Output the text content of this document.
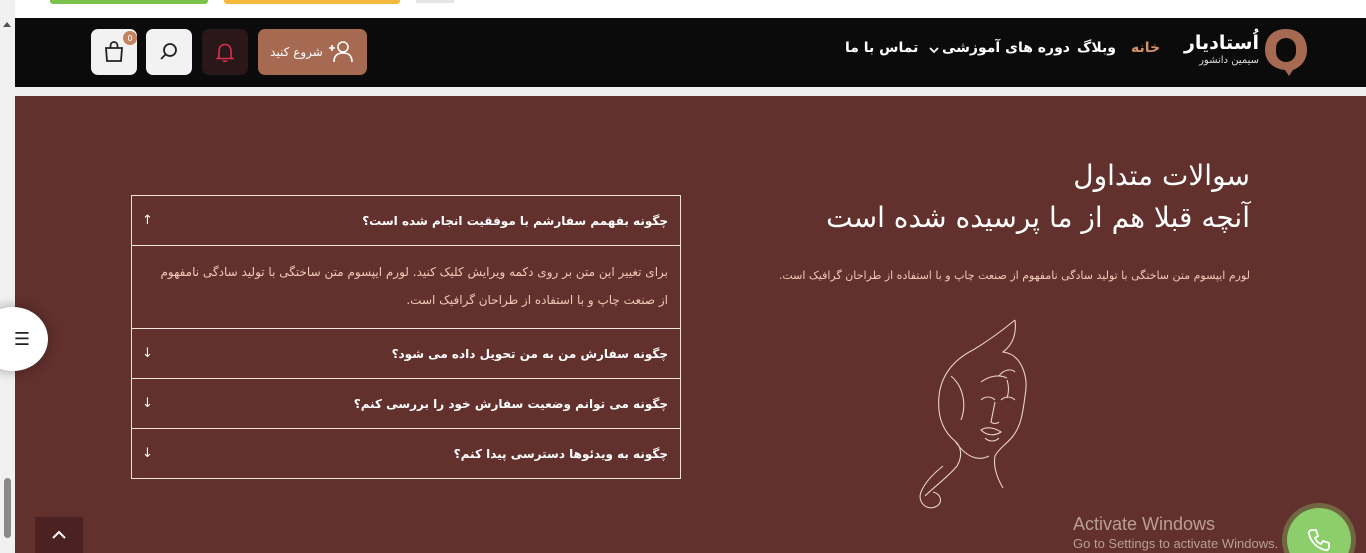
اُستادیار
سیمین دانشور
خانه
وبلاگ
دوره های آموزشی
تماس با ما
شروع کنید
0
سوالات متداول
آنچه قبلا هم از ما پرسیده شده است
لورم ایپسوم متن ساختگی با تولید سادگی نامفهوم از صنعت چاپ و با استفاده از طراحان گرافیک است.
چگونه بفهمم سفارشم با موفقیت انجام شده است؟
↑
برای تغییر این متن بر روی دکمه ویرایش کلیک کنید. لورم ایپسوم متن ساختگی با تولید سادگی نامفهوم از صنعت چاپ و با استفاده از طراحان گرافیک است.
چگونه سفارش من به من تحویل داده می شود؟
↓
چگونه می توانم وضعیت سفارش خود را بررسی کنم؟
↓
چگونه به ویدئوها دسترسی پیدا کنم؟
↓
☰
Activate Windows
Go to Settings to activate Windows.
